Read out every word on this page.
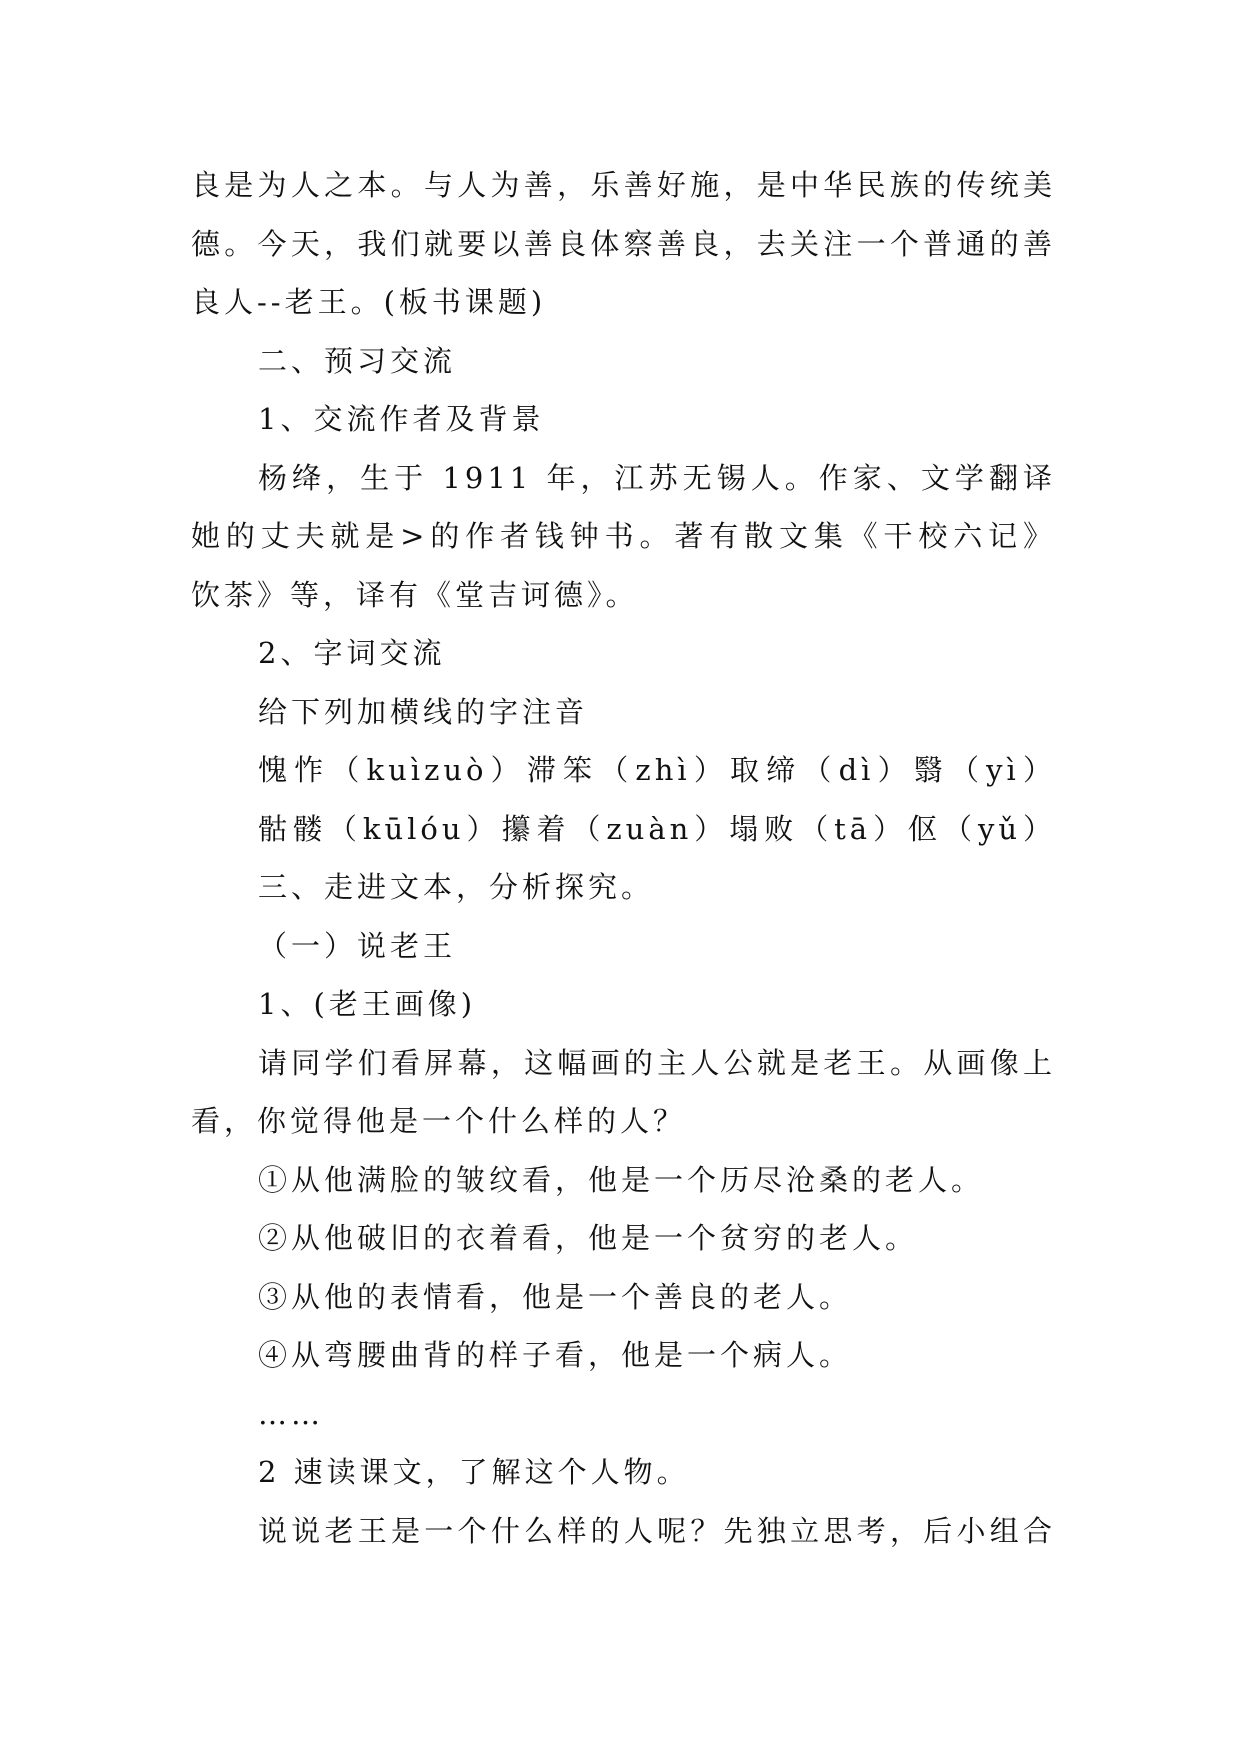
良是为人之本。与人为善，乐善好施，是中华民族的传统美
德。今天，我们就要以善良体察善良，去关注一个普通的善
良人--老王。(板书课题)
二、预习交流
1、交流作者及背景
杨绛，生于 1911 年，江苏无锡人。作家、文学翻译
她的丈夫就是>的作者钱钟书。著有散文集《干校六记》
饮茶》等，译有《堂吉诃德》。
2、字词交流
给下列加横线的字注音
愧怍（kuìzuò）滞笨（zhì）取缔（dì）翳（yì）
骷髅（kūlóu）攥着（zuàn）塌败（tā）伛（yǔ）
三、走进文本，分析探究。
（一）说老王
1、(老王画像)
请同学们看屏幕，这幅画的主人公就是老王。从画像上
看，你觉得他是一个什么样的人？
①从他满脸的皱纹看，他是一个历尽沧桑的老人。
②从他破旧的衣着看，他是一个贫穷的老人。
③从他的表情看，他是一个善良的老人。
④从弯腰曲背的样子看，他是一个病人。
……
2 速读课文，了解这个人物。
说说老王是一个什么样的人呢？先独立思考，后小组合
